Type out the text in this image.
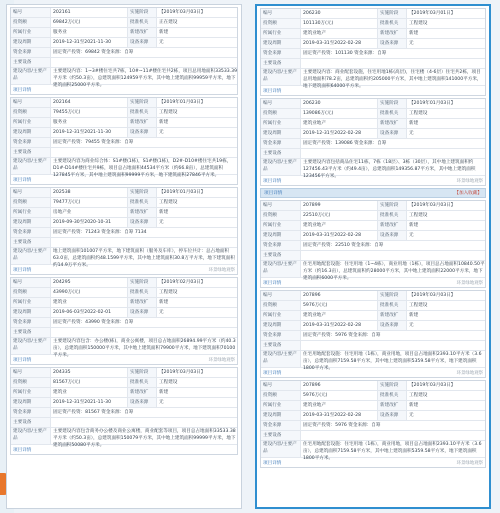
编号	202161	实施阶段	【2019年03月03日】
投资额	69842万(元)	批准机关	正在建设
所属行业	服务业	新建改扩	新建
建设周期	2019-12-31至2021-11-30	设备来源	无
资金来源	固定资产投资：69842 资金来源：自筹
主要设备
建设内容/主要产品
主要建设内容：1~3#楼住宅共7栋，10#~11#楼住宅共2栋，项目总用地面积33533.39平方米（约50.3亩），总建筑面积124959平方米，其中地上建筑面积99959平方米，地下建筑面积25000平方米。
项目详情
编号	202164	实施阶段	【2019年01月03日】
投资额	79455万(元)	批准机关	工程建设
所属行业	服务业	新建改扩	新建
建设周期	2019-12-31至2021-11-30	设备来源	无
资金来源	固定资产投资：79455 资金来源：自筹
主要设备
建设内容/主要产品
主要建设内容为商业综合体：S1#楼(1栋)，S1#楼(1栋)，D2#-D10#楼住宅共19栋，D1#-D14#楼住宅共9栋，项目总占地面积44534平方米（约66.8亩），总建筑面积127845平方米，其中地上建筑面积99999平方米，地下建筑面积27846平方米。
项目详情
编号	202538	实施阶段	【2019年01月03日】
投资额	79477万(元)	批准机关	工程建设
所属行业	房地产业	新建改扩	新建
建设周期	2019-09-30至2020-10-31	设备来源	无
资金来源	固定资产投资：71243 资金来源：自筹 7134
主要设备
建设内容/主要产品
地上建筑面积101007平方米，地下建筑面积（服务及车库），停车位共计：总占地面积63.0亩，总建筑面积约48.1599平方米，其中地上建筑面积30.8万平方米，地下建筑面积约14.9万平方米。
项目详情	环景绿地观察
编号	204295	实施阶段	【2019年02月03日】
投资额	43990万(元)	批准机关	工程建设
所属行业	建筑业	新建改扩	新建
建设周期	2019-06-03至2022-02-01	设备来源	无
资金来源	固定资产投资：43990 资金来源：自筹
主要设备
建设内容/主要产品
主要建设内容包含：办公楼(栋)，商业公寓楼，项目总占地面积26894.99平方米（约40.3亩），总建筑面积150000平方米，其中地上建筑面积79900平方米，地下建筑面积70100平方米。
项目详情	环景绿地观察
编号	204335	实施阶段	【2019年03月03日】
投资额	81567万(元)	批准机关	工程建设
所属行业	建筑业	新建改扩	新建
建设周期	2019-12-31至2021-11-30	设备来源	无
资金来源	固定资产投资：81567 资金来源：自筹
主要设备
建设内容/主要产品
主要建设内容包含商务办公楼及商业公寓楼，商业配套等项目，项目总占地面积33533.38平方米（约50.3亩），总建筑面积150079平方米，其中地上建筑面积99999平方米，地下建筑面积50080平方米。
项目详情
编号	206230	实施阶段	【2019年03月01日】
投资额	101130万(元)	批准机关	工程建设
所属行业	建筑业地产	新建改扩	新建
建设周期	2019-03-31至2022-02-28	设备来源	无
资金来源	固定资产投资：101130 资金来源：自筹
主要设备
建设内容/主要产品
主要建设内容：商业配套设施，住宅用地1栋(高层)，住宅楼（4-6层）住宅共2栋，项目总用地面积78.2亩，总建筑面积约205000平方米，其中地上建筑面积141000平方米，地下建筑面积64000平方米。
项目详情
编号	206230	实施阶段	【2019年01月03日】
投资额	139086万(元)	批准机关	工程建设
所属行业	建筑业地产	新建改扩	新建
建设周期	2019-12-31至2022-02-28	设备来源	无
资金来源	固定资产投资：139086 资金来源：自筹
主要设备
建设内容/主要产品
主要建设内容包括商品住宅11栋，7栋（18层）、3栋（30层），其中地上建筑面积约127456.43平方米（约49.4亩），总建筑面积149356.87平方米，其中地上建筑面积123456平方米。
项目详情	环景绿地观察
项目详情	【加入收藏】
编号	207899	实施阶段	【2019年03月03日】
投资额	22510万(元)	批准机关	工程建设
所属行业	建筑业地产	新建改扩	新建
建设周期	2019-03-31至2022-02-28	设备来源	无
资金来源	固定资产投资：22510 资金来源：自筹
主要设备
建设内容/主要产品
住宅用地配套设施：住宅用地（1~4栋），商业用地（1栋），项目总占地面积10840.50平方米（约16.3亩），总建筑面积约28000平方米，其中地上建筑面积22000平方米，地下建筑面积6000平方米。
项目详情	环景绿地观察
编号	207896	实施阶段	【2019年03月03日】
投资额	5976万(元)	批准机关	工程建设
所属行业	建筑业地产	新建改扩	新建
建设周期	2019-03-31至2022-02-28	设备来源	无
资金来源	固定资产投资：5976 资金来源：自筹
主要设备
建设内容/主要产品
住宅用地配套设施：住宅用地（1栋），商业用地，项目总占地面积2393.10平方米（3.6亩），总建筑面积7159.58平方米，其中地上建筑面积5359.58平方米，地下建筑面积1800平方米。
项目详情	环景绿地观察
编号	207896	实施阶段	【2019年03月03日】
投资额	5976万(元)	批准机关	工程建设
所属行业	建筑业地产	新建改扩	新建
建设周期	2019-03-31至2022-02-28	设备来源	无
资金来源	固定资产投资：5976 资金来源：自筹
主要设备
建设内容/主要产品
住宅用地配套设施：住宅用地（1栋），商业用地，项目总占地面积2393.10平方米（3.6亩），总建筑面积7159.58平方米，其中地上建筑面积5359.58平方米，地下建筑面积1800平方米。
项目详情	环景绿地观察
